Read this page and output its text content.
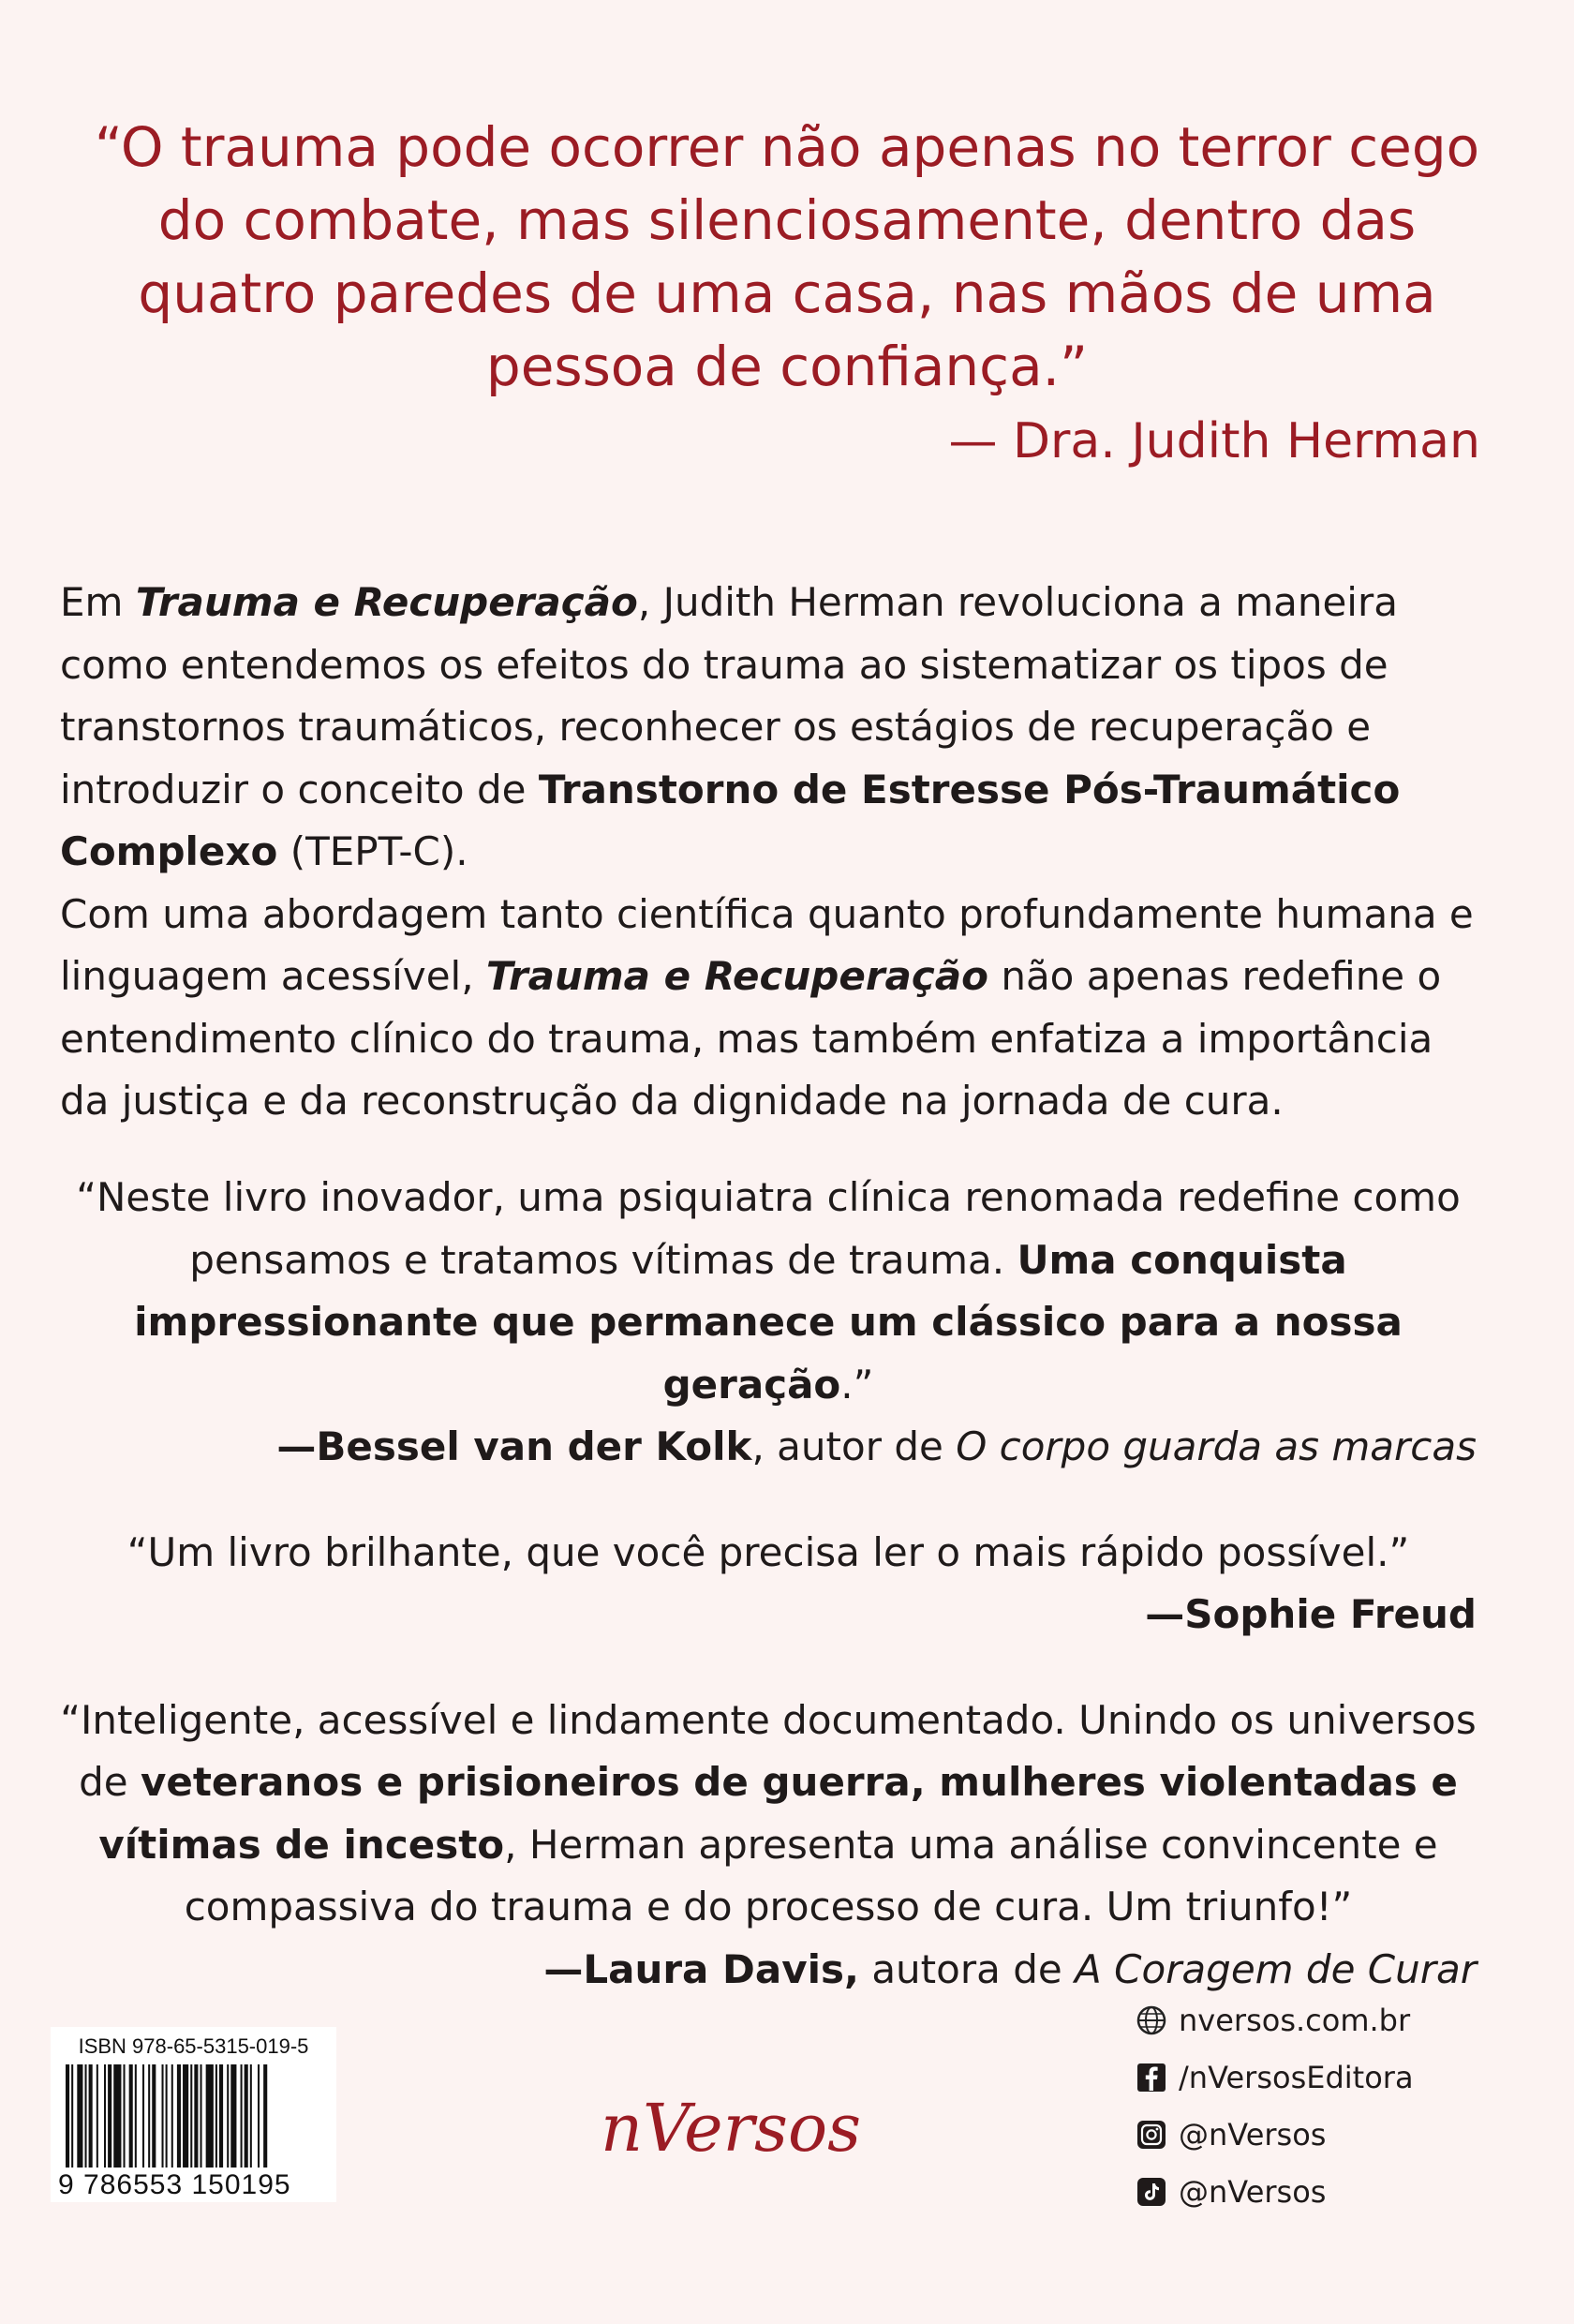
“O trauma pode ocorrer não apenas no terror cego do combate, mas silenciosamente, dentro das quatro paredes de uma casa, nas mãos de uma pessoa de confiança.”

— Dra. Judith Herman

Em Trauma e Recuperação, Judith Herman revoluciona a maneira como entendemos os efeitos do trauma ao sistematizar os tipos de transtornos traumáticos, reconhecer os estágios de recuperação e introduzir o conceito de Transtorno de Estresse Pós-Traumático Complexo (TEPT-C).

Com uma abordagem tanto científica quanto profundamente humana e linguagem acessível, Trauma e Recuperação não apenas redefine o entendimento clínico do trauma, mas também enfatiza a importância da justiça e da reconstrução da dignidade na jornada de cura.

“Neste livro inovador, uma psiquiatra clínica renomada redefine como pensamos e tratamos vítimas de trauma. Uma conquista impressionante que permanece um clássico para a nossa geração.”

—Bessel van der Kolk, autor de O corpo guarda as marcas

“Um livro brilhante, que você precisa ler o mais rápido possível.”

—Sophie Freud

“Inteligente, acessível e lindamente documentado. Unindo os universos de veteranos e prisioneiros de guerra, mulheres violentadas e vítimas de incesto, Herman apresenta uma análise convincente e compassiva do trauma e do processo de cura. Um triunfo!”

—Laura Davis, autora de A Coragem de Curar

ISBN 978-65-5315-019-5
9 786553 150195
nVersos
nversos.com.br
/nVersosEditora
@nVersos
@nVersos
